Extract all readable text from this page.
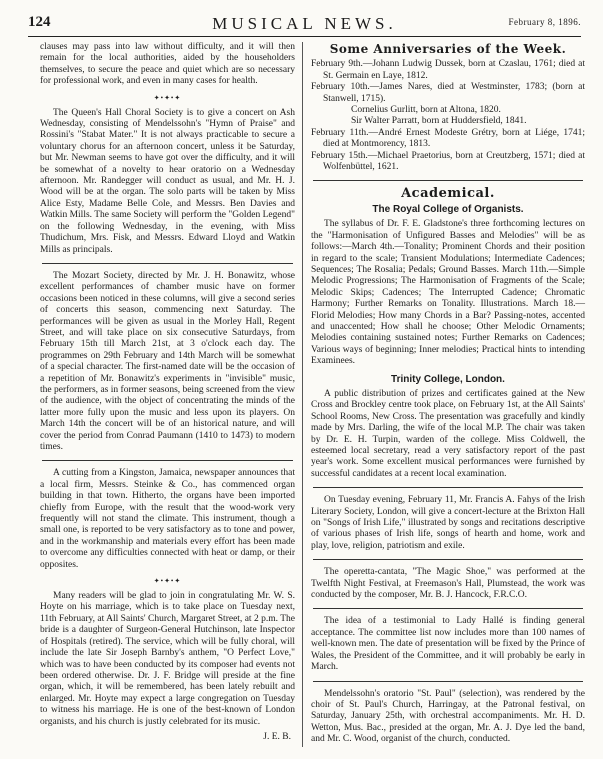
124	MUSICAL NEWS.	February 8, 1896.

clauses may pass into law without difficulty, and it will then remain for the local authorities, aided by the householders themselves, to secure the peace and quiet which are so necessary for professional work, and even in many cases for health.

✦•✦•✦

The Queen's Hall Choral Society is to give a concert on Ash Wednesday, consisting of Mendelssohn's "Hymn of Praise" and Rossini's "Stabat Mater." It is not always practicable to secure a voluntary chorus for an afternoon concert, unless it be Saturday, but Mr. Newman seems to have got over the difficulty, and it will be somewhat of a novelty to hear oratorio on a Wednesday afternoon. Mr. Randegger will conduct as usual, and Mr. H. J. Wood will be at the organ. The solo parts will be taken by Miss Alice Esty, Madame Belle Cole, and Messrs. Ben Davies and Watkin Mills. The same Society will perform the "Golden Legend" on the following Wednesday, in the evening, with Miss Thudichum, Mrs. Fisk, and Messrs. Edward Lloyd and Watkin Mills as principals.

The Mozart Society, directed by Mr. J. H. Bonawitz, whose excellent performances of chamber music have on former occasions been noticed in these columns, will give a second series of concerts this season, commencing next Saturday. The performances will be given as usual in the Morley Hall, Regent Street, and will take place on six consecutive Saturdays, from February 15th till March 21st, at 3 o'clock each day. The programmes on 29th February and 14th March will be somewhat of a special character. The first-named date will be the occasion of a repetition of Mr. Bonawitz's experiments in "invisible" music, the performers, as in former seasons, being screened from the view of the audience, with the object of concentrating the minds of the latter more fully upon the music and less upon its players. On March 14th the concert will be of an historical nature, and will cover the period from Conrad Paumann (1410 to 1473) to modern times.

A cutting from a Kingston, Jamaica, newspaper announces that a local firm, Messrs. Steinke & Co., has commenced organ building in that town. Hitherto, the organs have been imported chiefly from Europe, with the result that the wood-work very frequently will not stand the climate. This instrument, though a small one, is reported to be very satisfactory as to tone and power, and in the workmanship and materials every effort has been made to overcome any difficulties connected with heat or damp, or their opposites.

✦•✦•✦

Many readers will be glad to join in congratulating Mr. W. S. Hoyte on his marriage, which is to take place on Tuesday next, 11th February, at All Saints' Church, Margaret Street, at 2 p.m. The bride is a daughter of Surgeon-General Hutchinson, late Inspector of Hospitals (retired). The service, which will be fully choral, will include the late Sir Joseph Barnby's anthem, "O Perfect Love," which was to have been conducted by its composer had events not been ordered otherwise. Dr. J. F. Bridge will preside at the fine organ, which, it will be remembered, has been lately rebuilt and enlarged. Mr. Hoyte may expect a large congregation on Tuesday to witness his marriage. He is one of the best-known of London organists, and his church is justly celebrated for its music.

J. E. B.
Some Anniversaries of the Week.

February 9th.—Johann Ludwig Dussek, born at Czaslau, 1761; died at St. Germain en Laye, 1812.

February 10th.—James Nares, died at Westminster, 1783; (born at Stanwell, 1715).

Cornelius Gurlitt, born at Altona, 1820.

Sir Walter Parratt, born at Huddersfield, 1841.

February 11th.—André Ernest Modeste Grétry, born at Liége, 1741; died at Montmorency, 1813.

February 15th.—Michael Praetorius, born at Creutzberg, 1571; died at Wolfenbüttel, 1621.

Academical.
The Royal College of Organists.

The syllabus of Dr. F. E. Gladstone's three forthcoming lectures on the "Harmonisation of Unfigured Basses and Melodies" will be as follows:—March 4th.—Tonality; Prominent Chords and their position in regard to the scale; Transient Modulations; Intermediate Cadences; Sequences; The Rosalia; Pedals; Ground Basses. March 11th.—Simple Melodic Progressions; The Harmonisation of Fragments of the Scale; Melodic Skips; Cadences; The Interrupted Cadence; Chromatic Harmony; Further Remarks on Tonality. Illustrations. March 18.—Florid Melodies; How many Chords in a Bar? Passing-notes, accented and unaccented; How shall he choose; Other Melodic Ornaments; Melodies containing sustained notes; Further Remarks on Cadences; Various ways of beginning; Inner melodies; Practical hints to intending Examinees.

Trinity College, London.

A public distribution of prizes and certificates gained at the New Cross and Brockley centre took place, on February 1st, at the All Saints' School Rooms, New Cross. The presentation was gracefully and kindly made by Mrs. Darling, the wife of the local M.P. The chair was taken by Dr. E. H. Turpin, warden of the college. Miss Coldwell, the esteemed local secretary, read a very satisfactory report of the past year's work. Some excellent musical performances were furnished by successful candidates at a recent local examination.

On Tuesday evening, February 11, Mr. Francis A. Fahys of the Irish Literary Society, London, will give a concert-lecture at the Brixton Hall on "Songs of Irish Life," illustrated by songs and recitations descriptive of various phases of Irish life, songs of hearth and home, work and play, love, religion, patriotism and exile.

The operetta-cantata, "The Magic Shoe," was performed at the Twelfth Night Festival, at Freemason's Hall, Plumstead, the work was conducted by the composer, Mr. B. J. Hancock, F.R.C.O.

The idea of a testimonial to Lady Hallé is finding general acceptance. The committee list now includes more than 100 names of well-known men. The date of presentation will be fixed by the Prince of Wales, the President of the Committee, and it will probably be early in March.

Mendelssohn's oratorio "St. Paul" (selection), was rendered by the choir of St. Paul's Church, Harringay, at the Patronal festival, on Saturday, January 25th, with orchestral accompaniments. Mr. H. D. Wetton, Mus. Bac., presided at the organ, Mr. A. J. Dye led the band, and Mr. C. Wood, organist of the church, conducted.
